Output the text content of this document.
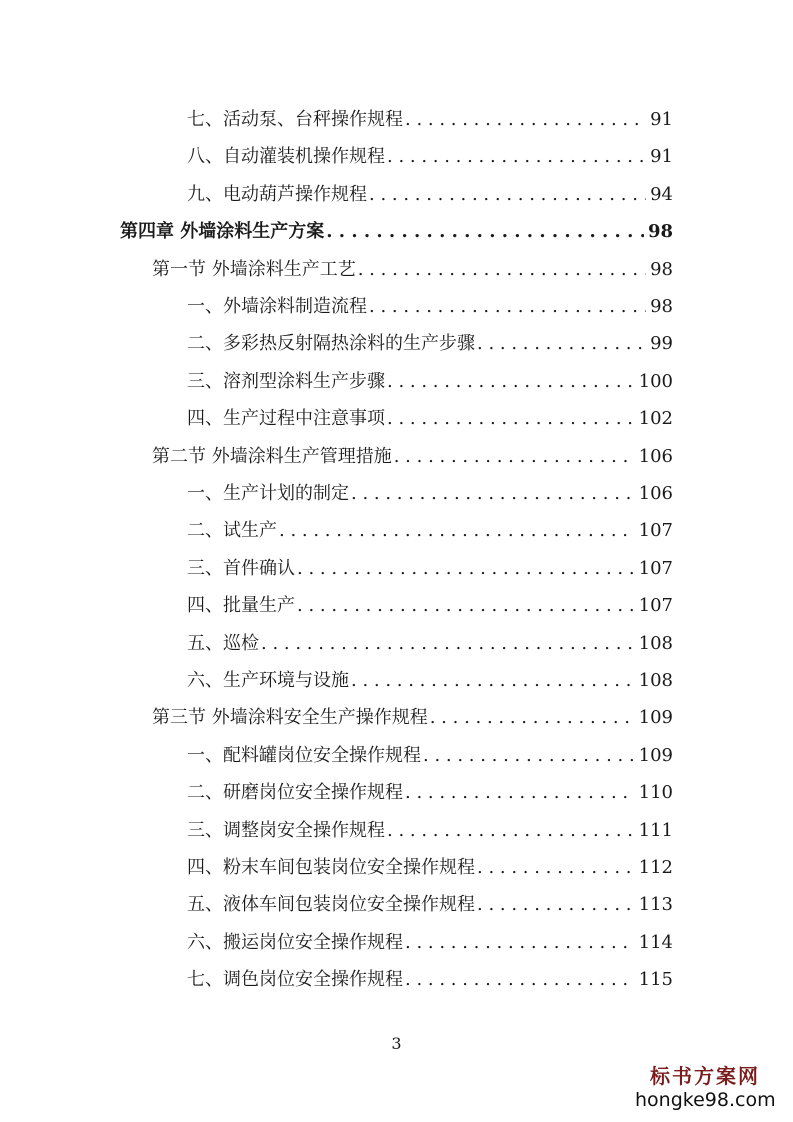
七、活动泵、台秤操作规程 . . .	91
八、自动灌装机操作规程 . . .	91
九、电动葫芦操作规程 . . .	94
第四章 外墙涂料生产方案 . . .	98
第一节 外墙涂料生产工艺 . . .	98
一、外墙涂料制造流程 . . .	98
二、多彩热反射隔热涂料的生产步骤 . . .	99
三、溶剂型涂料生产步骤 . . .	100
四、生产过程中注意事项 . . .	102
第二节 外墙涂料生产管理措施 . . .	106
一、生产计划的制定 . . .	106
二、试生产 . . .	107
三、首件确认 . . .	107
四、批量生产 . . .	107
五、巡检 . . .	108
六、生产环境与设施 . . .	108
第三节 外墙涂料安全生产操作规程 . . .	109
一、配料罐岗位安全操作规程 . . .	109
二、研磨岗位安全操作规程 . . .	110
三、调整岗安全操作规程 . . .	111
四、粉末车间包装岗位安全操作规程 . . .	112
五、液体车间包装岗位安全操作规程 . . .	113
六、搬运岗位安全操作规程 . . .	114
七、调色岗位安全操作规程 . . .	115
3
标书方案网
hongke98.com
